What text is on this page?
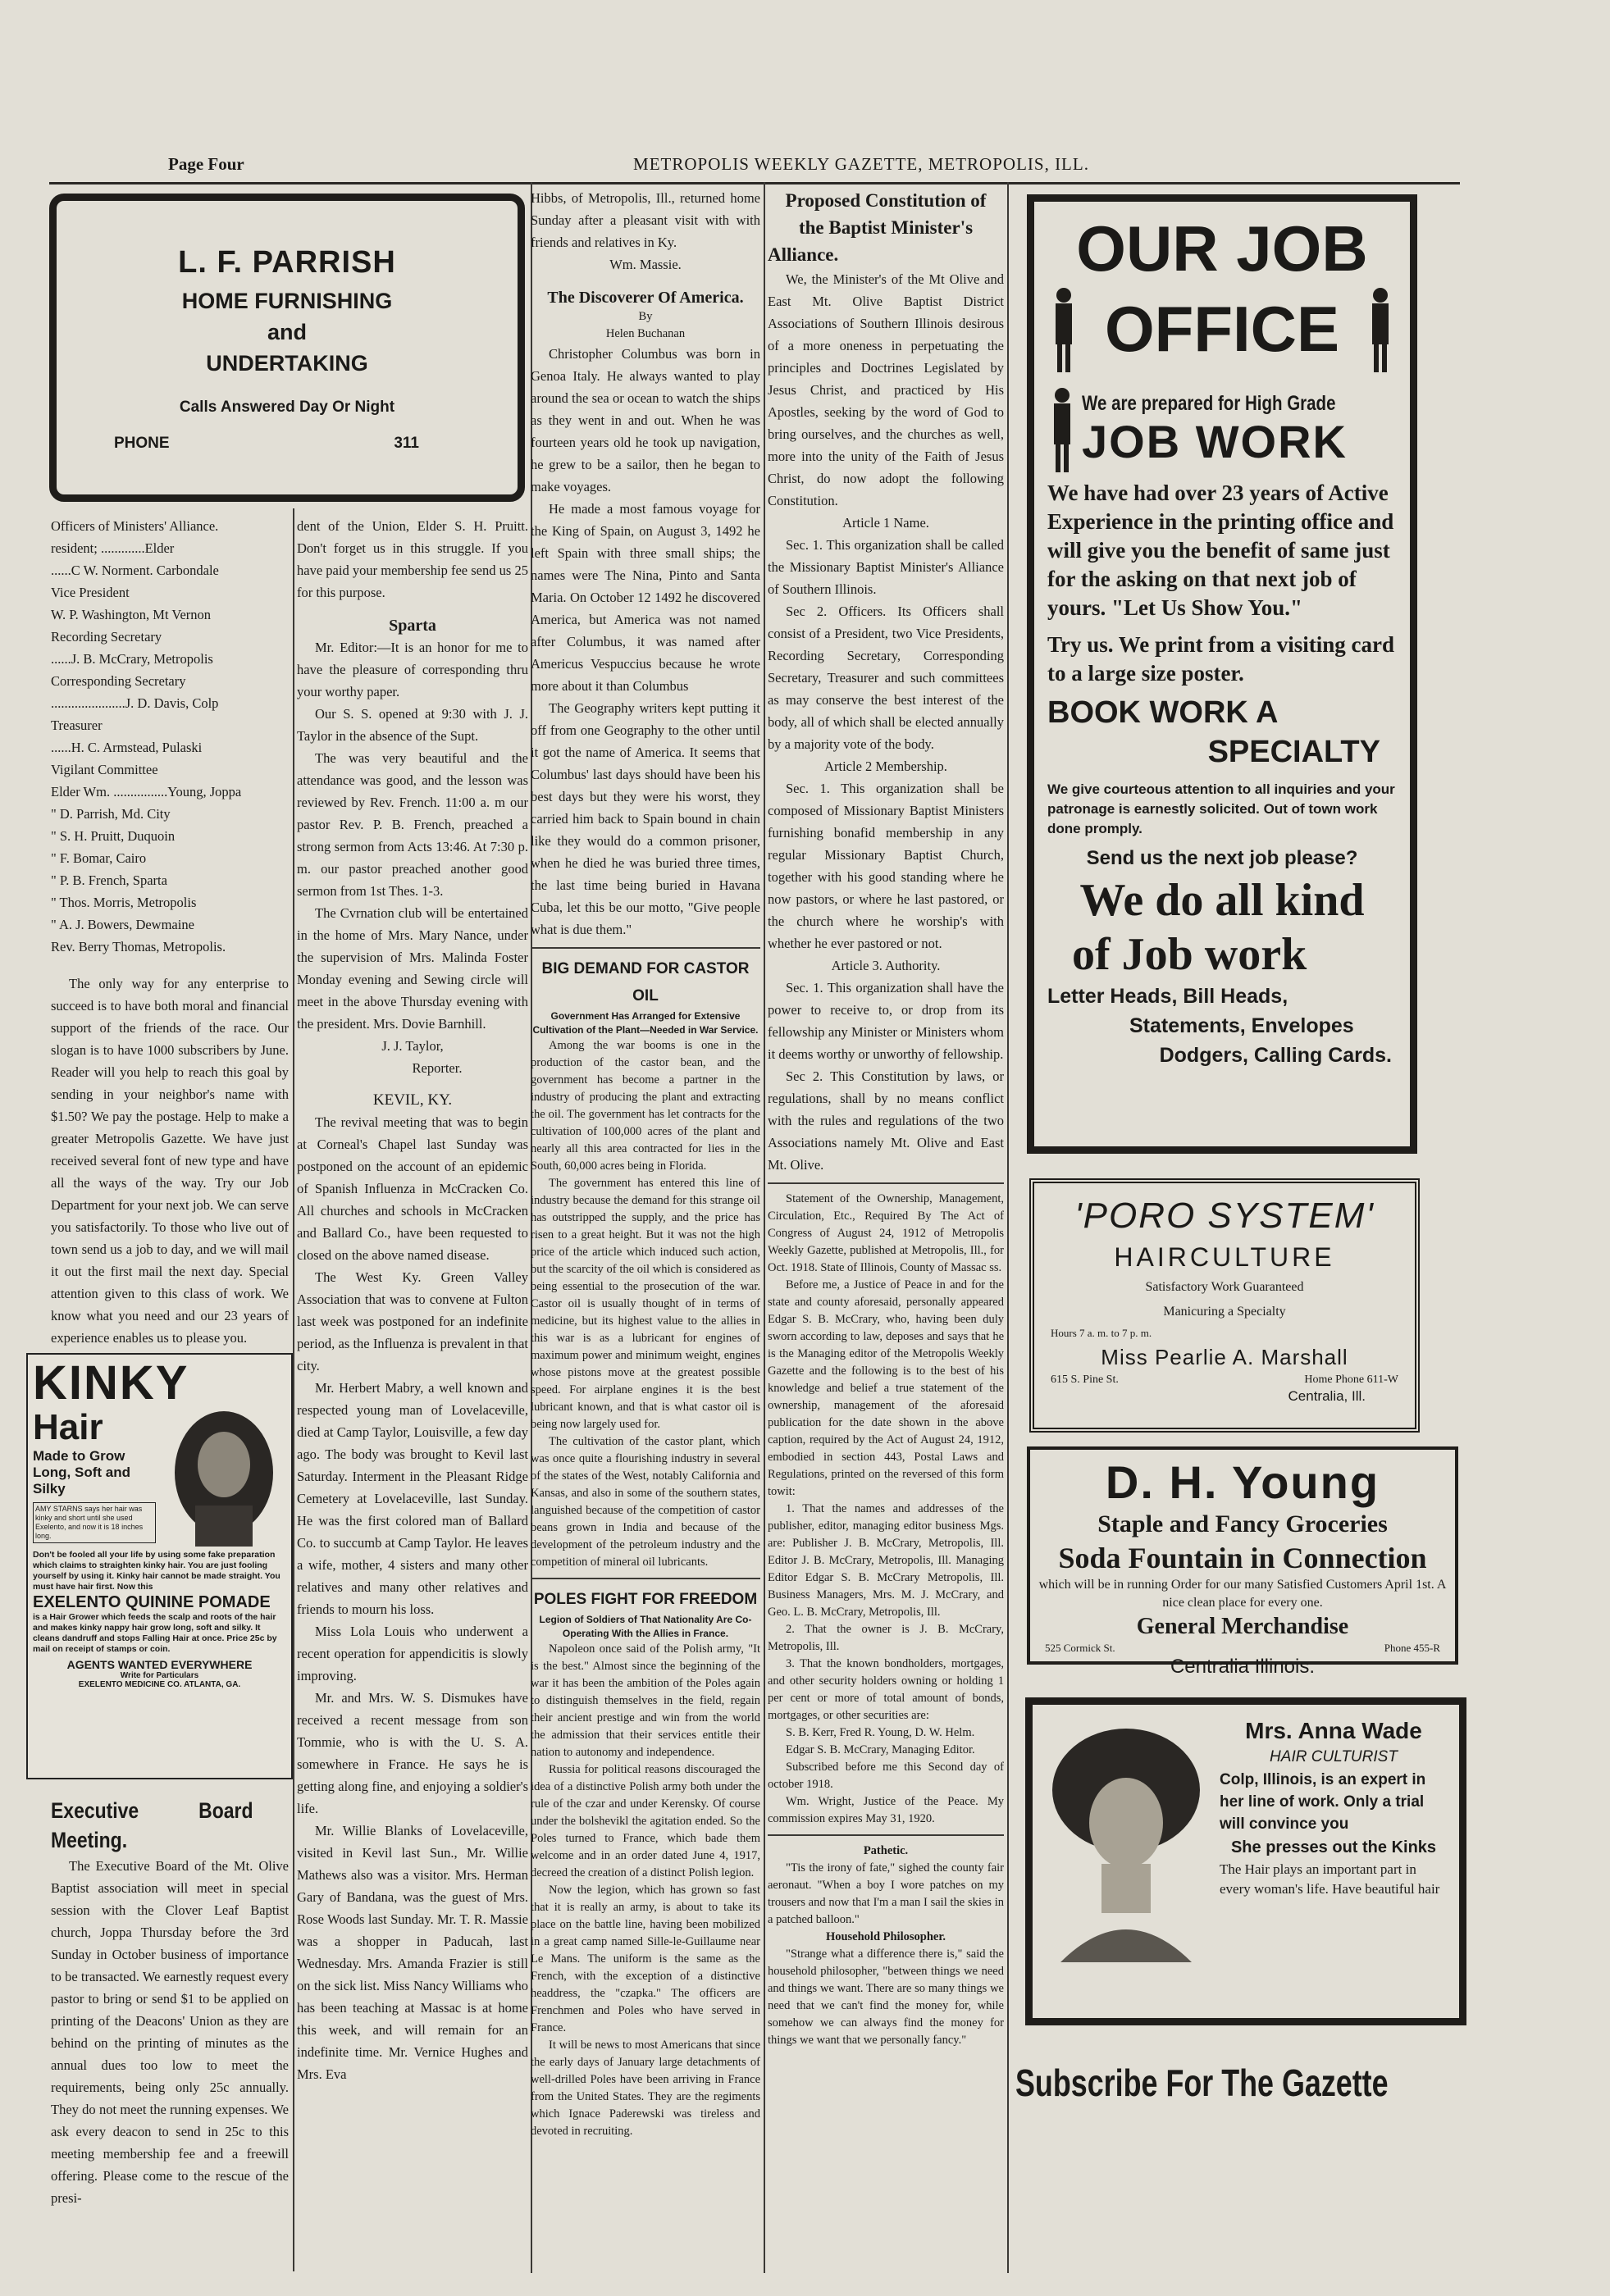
Page Four	METROPOLIS WEEKLY GAZETTE, METROPOLIS, ILL.
L. F. PARRISH
HOME FURNISHING
and
UNDERTAKING
Calls Answered Day Or Night
PHONE	311
Officers of Ministers' Alliance.
resident; .............Elder
......C W. Norment. Carbondale
Vice President
W. P. Washington, Mt Vernon
Recording Secretary
......J. B. McCrary, Metropolis
Corresponding Secretary
......................J. D. Davis, Colp
Treasurer
......H. C. Armstead, Pulaski
Vigilant Committee
Elder Wm. ................Young, Joppa
" D. Parrish, Md. City
" S. H. Pruitt, Duquoin
" F. Bomar, Cairo
" P. B. French, Sparta
" Thos. Morris, Metropolis
" A. J. Bowers, Dewmaine
Rev. Berry Thomas, Metropolis.

The only way for any enterprise to succeed is to have both moral and financial support of the friends of the race. Our slogan is to have 1000 subscribers by June. Reader will you help to reach this goal by sending in your neighbor's name with $1.50? We pay the postage. Help to make a greater Metropolis Gazette. We have just received several font of new type and have all the ways of the way. Try our Job Department for your next job. We can serve you satisfactorily. To those who live out of town send us a job to day, and we will mail it out the first mail the next day. Special attention given to this class of work. We know what you need and our 23 years of experience enables us to please you.

KINKY
Hair
Made to Grow Long, Soft and Silky
AMY STARNS says her hair was kinky and short until she used Exelento, and now it is 18 inches long.
Don't be fooled all your life by using some fake preparation which claims to straighten kinky hair. You are just fooling yourself by using it. Kinky hair cannot be made straight. You must have hair first. Now this
EXELENTO QUININE POMADE
is a Hair Grower which feeds the scalp and roots of the hair and makes kinky nappy hair grow long, soft and silky. It cleans dandruff and stops Falling Hair at once. Price 25c by mail on receipt of stamps or coin.
AGENTS WANTED EVERYWHERE
Write for Particulars
EXELENTO MEDICINE CO. ATLANTA, GA.
Executive Board Meeting.

The Executive Board of the Mt. Olive Baptist association will meet in special session with the Clover Leaf Baptist church, Joppa Thursday before the 3rd Sunday in October business of importance to be transacted. We earnestly request every pastor to bring or send $1 to be applied on printing of the Deacons' Union as they are behind on the printing of minutes as the annual dues too low to meet the requirements, being only 25c annually. They do not meet the running expenses. We ask every deacon to send in 25c to this meeting membership fee and a freewill offering. Please come to the rescue of the presi-

dent of the Union, Elder S. H. Pruitt. Don't forget us in this struggle. If you have paid your membership fee send us 25 for this purpose.

Sparta

Mr. Editor:—It is an honor for me to have the pleasure of corresponding thru your worthy paper.

Our S. S. opened at 9:30 with J. J. Taylor in the absence of the Supt.

The was very beautiful and the attendance was good, and the lesson was reviewed by Rev. French. 11:00 a. m our pastor Rev. P. B. French, preached a strong sermon from Acts 13:46. At 7:30 p. m. our pastor preached another good sermon from 1st Thes. 1-3.

The Cvrnation club will be entertained in the home of Mrs. Mary Nance, under the supervision of Mrs. Malinda Foster Monday evening and Sewing circle will meet in the above Thursday evening with the president. Mrs. Dovie Barnhill.

J. J. Taylor,
Reporter.
KEVIL, KY.

The revival meeting that was to begin at Corneal's Chapel last Sunday was postponed on the account of an epidemic of Spanish Influenza in McCracken Co. All churches and schools in McCracken and Ballard Co., have been requested to closed on the above named disease.

The West Ky. Green Valley Association that was to convene at Fulton last week was postponed for an indefinite period, as the Influenza is prevalent in that city.

Mr. Herbert Mabry, a well known and respected young man of Lovelaceville, died at Camp Taylor, Louisville, a few day ago. The body was brought to Kevil last Saturday. Interment in the Pleasant Ridge Cemetery at Lovelaceville, last Sunday. He was the first colored man of Ballard Co. to succumb at Camp Taylor. He leaves a wife, mother, 4 sisters and many other relatives and many other relatives and friends to mourn his loss.

Miss Lola Louis who underwent a recent operation for appendicitis is slowly improving.

Mr. and Mrs. W. S. Dismukes have received a recent message from son Tommie, who is with the U. S. A. somewhere in France. He says he is getting along fine, and enjoying a soldier's life.

Mr. Willie Blanks of Lovelaceville, visited in Kevil last Sun., Mr. Willie Mathews also was a visitor. Mrs. Herman Gary of Bandana, was the guest of Mrs. Rose Woods last Sunday. Mr. T. R. Massie was a shopper in Paducah, last Wednesday. Mrs. Amanda Frazier is still on the sick list. Miss Nancy Williams who has been teaching at Massac is at home this week, and will remain for an indefinite time. Mr. Vernice Hughes and Mrs. Eva

Hibbs, of Metropolis, Ill., returned home Sunday after a pleasant visit with with friends and relatives in Ky.

Wm. Massie.
The Discoverer Of America.
By
Helen Buchanan

Christopher Columbus was born in Genoa Italy. He always wanted to play around the sea or ocean to watch the ships as they went in and out. When he was fourteen years old he took up navigation, he grew to be a sailor, then he began to make voyages.

He made a most famous voyage for the King of Spain, on August 3, 1492 he left Spain with three small ships; the names were The Nina, Pinto and Santa Maria. On October 12 1492 he discovered America, but America was not named after Columbus, it was named after Americus Vespuccius because he wrote more about it than Columbus

The Geography writers kept putting it off from one Geography to the other until it got the name of America. It seems that Columbus' last days should have been his best days but they were his worst, they carried him back to Spain bound in chain like they would do a common prisoner, when he died he was buried three times, the last time being buried in Havana Cuba, let this be our motto, "Give people what is due them."

BIG DEMAND FOR CASTOR OIL
Government Has Arranged for Extensive Cultivation of the Plant—Needed in War Service.

Among the war booms is one in the production of the castor bean, and the government has become a partner in the industry of producing the plant and extracting the oil. The government has let contracts for the cultivation of 100,000 acres of the plant and nearly all this area contracted for lies in the South, 60,000 acres being in Florida.

The government has entered this line of industry because the demand for this strange oil has outstripped the supply, and the price has risen to a great height. But it was not the high price of the article which induced such action, but the scarcity of the oil which is considered as being essential to the prosecution of the war. Castor oil is usually thought of in terms of medicine, but its highest value to the allies in this war is as a lubricant for engines of maximum power and minimum weight, engines whose pistons move at the greatest possible speed. For airplane engines it is the best lubricant known, and that is what castor oil is being now largely used for.

The cultivation of the castor plant, which was once quite a flourishing industry in several of the states of the West, notably California and Kansas, and also in some of the southern states, languished because of the competition of castor beans grown in India and because of the development of the petroleum industry and the competition of mineral oil lubricants.

POLES FIGHT FOR FREEDOM
Legion of Soldiers of That Nationality Are Co-Operating With the Allies in France.

Napoleon once said of the Polish army, "It is the best." Almost since the beginning of the war it has been the ambition of the Poles again to distinguish themselves in the field, regain their ancient prestige and win from the world the admission that their services entitle their nation to autonomy and independence.

Russia for political reasons discouraged the idea of a distinctive Polish army both under the rule of the czar and under Kerensky. Of course under the bolshevikl the agitation ended. So the Poles turned to France, which bade them welcome and in an order dated June 4, 1917, decreed the creation of a distinct Polish legion.

Now the legion, which has grown so fast that it is really an army, is about to take its place on the battle line, having been mobilized in a great camp named Sille-le-Guillaume near Le Mans. The uniform is the same as the French, with the exception of a distinctive headdress, the "czapka." The officers are Frenchmen and Poles who have served in France.

It will be news to most Americans that since the early days of January large detachments of well-drilled Poles have been arriving in France from the United States. They are the regiments which Ignace Paderewski was tireless and devoted in recruiting.

Proposed Constitution of
the Baptist Minister's
Alliance.

We, the Minister's of the Mt Olive and East Mt. Olive Baptist District Associations of Southern Illinois desirous of a more oneness in perpetuating the principles and Doctrines Legislated by Jesus Christ, and practiced by His Apostles, seeking by the word of God to bring ourselves, and the churches as well, more into the unity of the Faith of Jesus Christ, do now adopt the following Constitution.

Article 1 Name.

Sec. 1. This organization shall be called the Missionary Baptist Minister's Alliance of Southern Illinois.

Sec 2. Officers. Its Officers shall consist of a President, two Vice Presidents, Recording Secretary, Corresponding Secretary, Treasurer and such committees as may conserve the best interest of the body, all of which shall be elected annually by a majority vote of the body.

Article 2 Membership.

Sec. 1. This organization shall be composed of Missionary Baptist Ministers furnishing bonafid membership in any regular Missionary Baptist Church, together with his good standing where he now pastors, or where he last pastored, or the church where he worship's with whether he ever pastored or not.

Article 3. Authority.

Sec. 1. This organization shall have the power to receive to, or drop from its fellowship any Minister or Ministers whom it deems worthy or unworthy of fellowship.

Sec 2. This Constitution by laws, or regulations, shall by no means conflict with the rules and regulations of the two Associations namely Mt. Olive and East Mt. Olive.

Statement of the Ownership, Management, Circulation, Etc., Required By The Act of Congress of August 24, 1912 of Metropolis Weekly Gazette, published at Metropolis, Ill., for Oct. 1918. State of Illinois, County of Massac ss.

Before me, a Justice of Peace in and for the state and county aforesaid, personally appeared Edgar S. B. McCrary, who, having been duly sworn according to law, deposes and says that he is the Managing editor of the Metropolis Weekly Gazette and the following is to the best of his knowledge and belief a true statement of the ownership, management of the aforesaid publication for the date shown in the above caption, required by the Act of August 24, 1912, embodied in section 443, Postal Laws and Regulations, printed on the reversed of this form towit:

1. That the names and addresses of the publisher, editor, managing editor business Mgs. are: Publisher J. B. McCrary, Metropolis, Ill. Editor J. B. McCrary, Metropolis, Ill. Managing Editor Edgar S. B. McCrary Metropolis, Ill. Business Managers, Mrs. M. J. McCrary, and Geo. L. B. McCrary, Metropolis, Ill.

2. That the owner is J. B. McCrary, Metropolis, Ill.

3. That the known bondholders, mortgages, and other security holders owning or holding 1 per cent or more of total amount of bonds, mortgages, or other securities are:

S. B. Kerr, Fred R. Young, D. W. Helm.

Edgar S. B. McCrary, Managing Editor.

Subscribed before me this Second day of october 1918.

Wm. Wright, Justice of the Peace. My commission expires May 31, 1920.

Pathetic.

"Tis the irony of fate," sighed the county fair aeronaut. "When a boy I wore patches on my trousers and now that I'm a man I sail the skies in a patched balloon."

Household Philosopher.

"Strange what a difference there is," said the household philosopher, "between things we need and things we want. There are so many things we need that we can't find the money for, while somehow we can always find the money for things we want that we personally fancy."

OUR JOB
OFFICE
We are prepared for High Grade
JOB WORK
We have had over 23 years of Active Experience in the printing office and will give you the benefit of same just for the asking on that next job of yours. "Let Us Show You."
Try us. We print from a visiting card to a large size poster.
BOOK WORK A
SPECIALTY
We give courteous attention to all inquiries and your patronage is earnestly solicited. Out of town work done promply.
Send us the next job please?
We do all kind
of Job work
Letter Heads, Bill Heads,
Statements, Envelopes
Dodgers, Calling Cards.
'PORO SYSTEM'
HAIRCULTURE
Satisfactory Work Guaranteed
Manicuring a Specialty
Hours 7 a. m. to 7 p. m.
Miss Pearlie A. Marshall
615 S. Pine St.	Home Phone 611-W
Centralia, Ill.
D. H. Young
Staple and Fancy Groceries
Soda Fountain in Connection
which will be in running Order for our many Satisfied Customers April 1st. A nice clean place for every one.
General Merchandise
525 Cormick St.	Phone 455-R
Centralia Illinois.
Mrs. Anna Wade
HAIR CULTURIST
Colp, Illinois, is an expert in her line of work. Only a trial will convince you
She presses out the Kinks
The Hair plays an important part in every woman's life. Have beautiful hair
Subscribe For The Gazette
